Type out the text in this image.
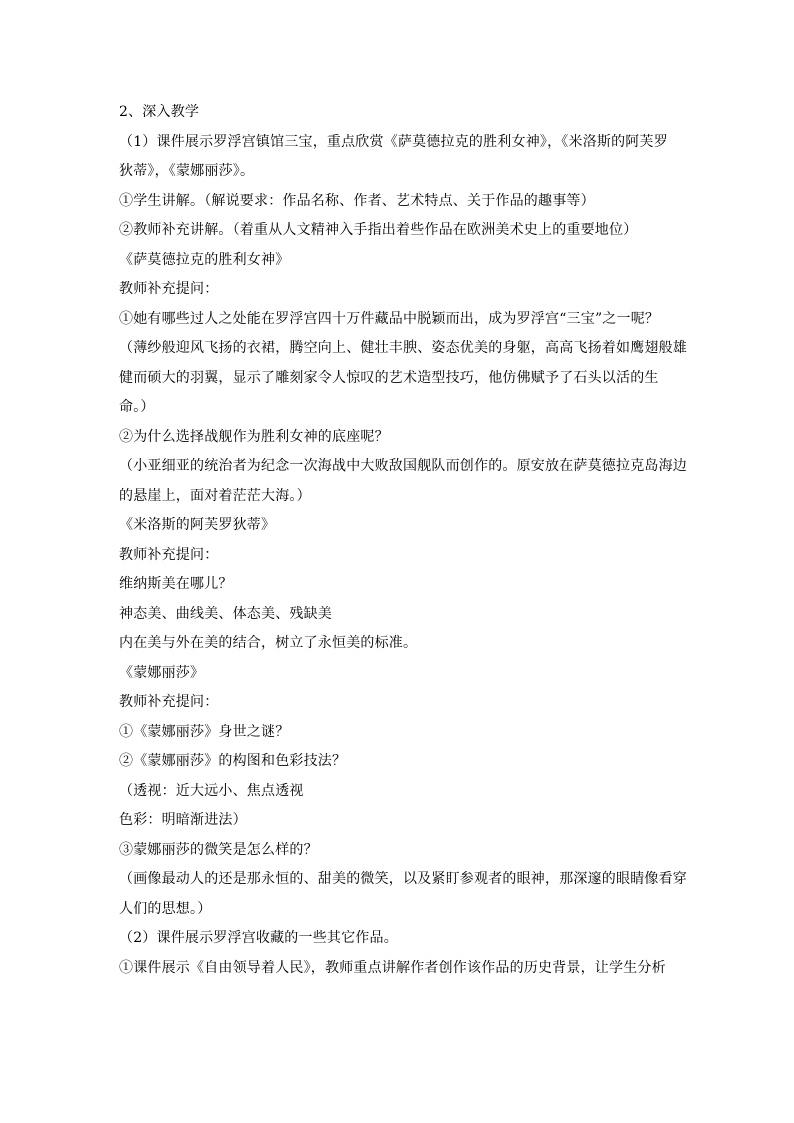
2、深入教学
（1）课件展示罗浮宫镇馆三宝，重点欣赏《萨莫德拉克的胜利女神》，《米洛斯的阿芙罗
狄蒂》，《蒙娜丽莎》。
①学生讲解。（解说要求：作品名称、作者、艺术特点、关于作品的趣事等）
②教师补充讲解。（着重从人文精神入手指出着些作品在欧洲美术史上的重要地位）
《萨莫德拉克的胜利女神》
教师补充提问：
①她有哪些过人之处能在罗浮宫四十万件藏品中脱颖而出，成为罗浮宫“三宝”之一呢？
（薄纱般迎风飞扬的衣裙，腾空向上、健壮丰腴、姿态优美的身躯，高高飞扬着如鹰翅般雄
健而硕大的羽翼，显示了雕刻家令人惊叹的艺术造型技巧，他仿佛赋予了石头以活的生
命。）
②为什么选择战舰作为胜利女神的底座呢？
（小亚细亚的统治者为纪念一次海战中大败敌国舰队而创作的。原安放在萨莫德拉克岛海边
的悬崖上，面对着茫茫大海。）
《米洛斯的阿芙罗狄蒂》
教师补充提问：
维纳斯美在哪儿？
神态美、曲线美、体态美、残缺美
内在美与外在美的结合，树立了永恒美的标准。
《蒙娜丽莎》
教师补充提问：
①《蒙娜丽莎》身世之谜？
②《蒙娜丽莎》的构图和色彩技法？
（透视：近大远小、焦点透视
色彩：明暗渐进法）
③蒙娜丽莎的微笑是怎么样的？
（画像最动人的还是那永恒的、甜美的微笑，以及紧盯参观者的眼神，那深邃的眼睛像看穿
人们的思想。）
（2）课件展示罗浮宫收藏的一些其它作品。
①课件展示《自由领导着人民》，教师重点讲解作者创作该作品的历史背景，让学生分析
